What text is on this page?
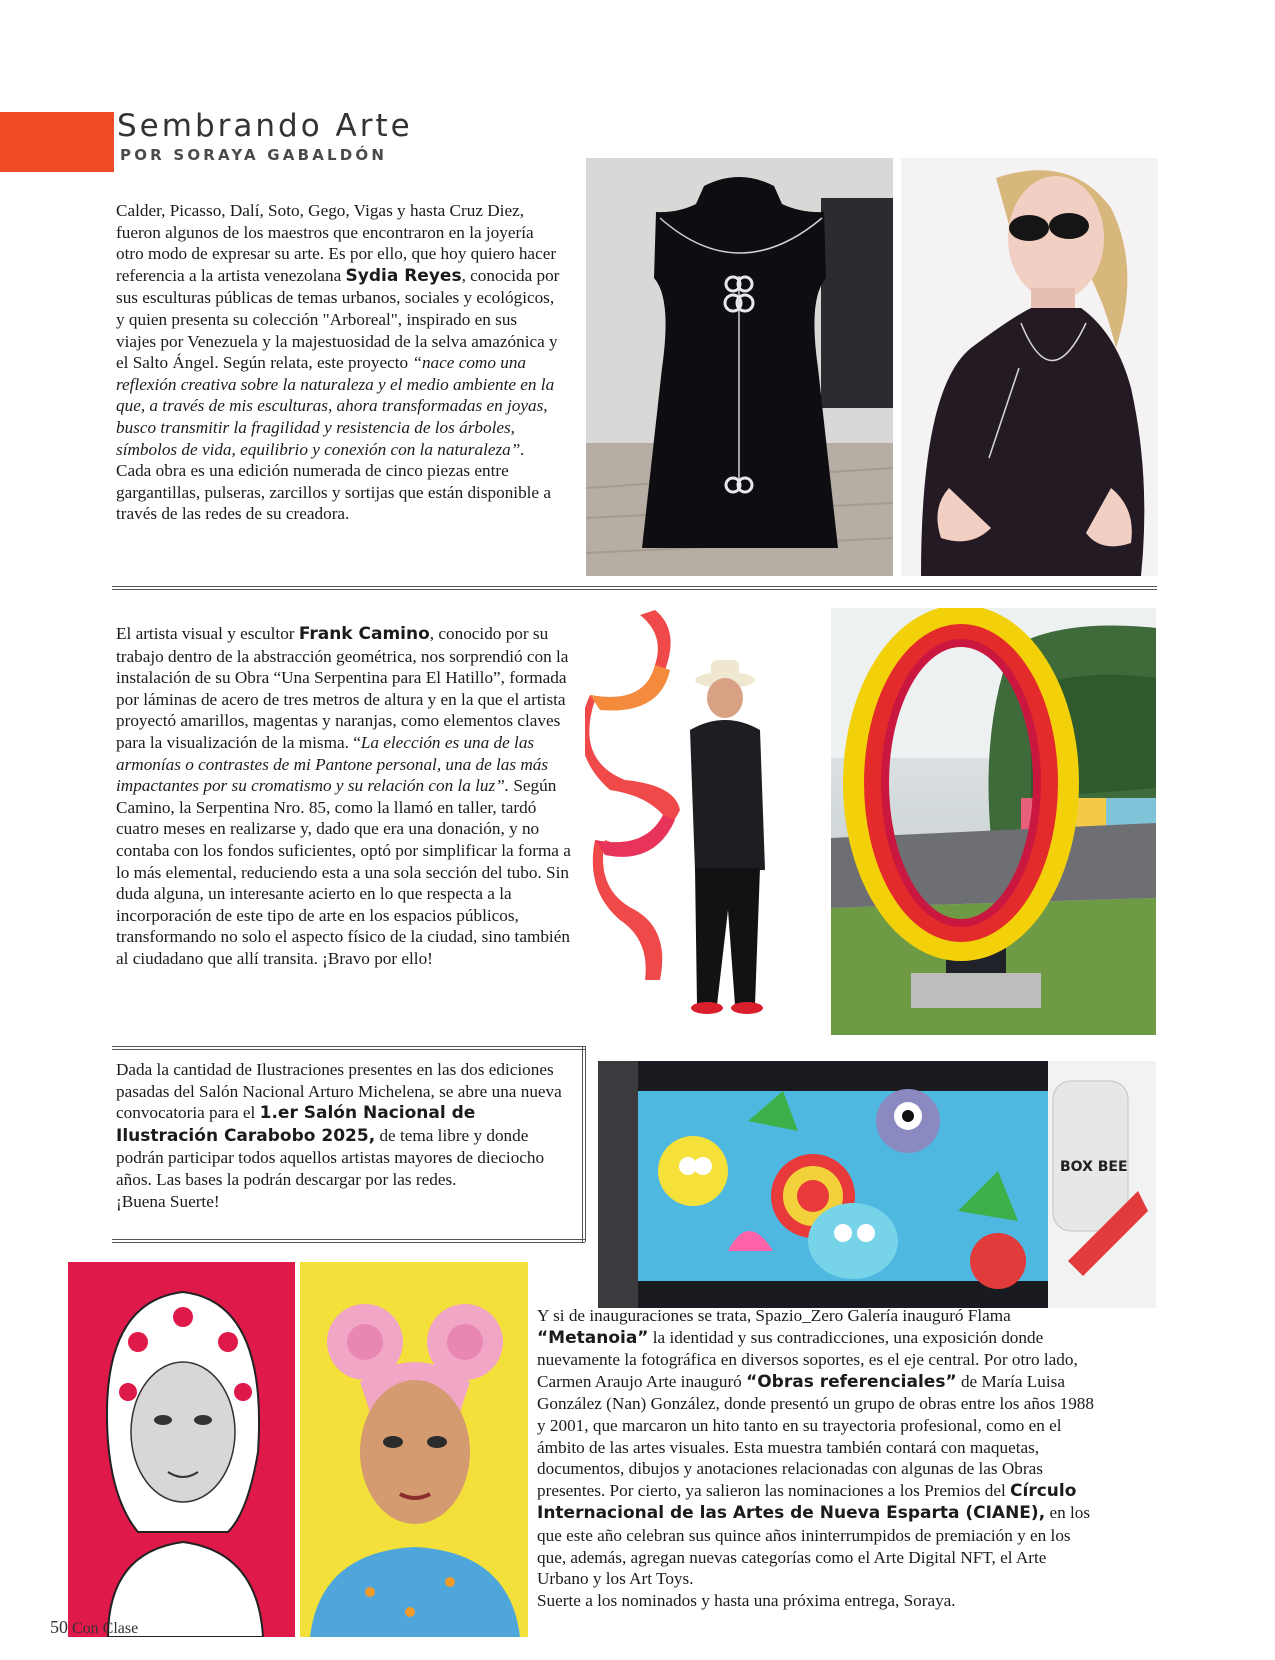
Sembrando Arte
POR SORAYA GABALDÓN
Calder, Picasso, Dalí, Soto, Gego, Vigas y hasta Cruz Diez, fueron algunos de los maestros que encontraron en la joyería otro modo de expresar su arte. Es por ello, que hoy quiero hacer referencia a la artista venezolana Sydia Reyes, conocida por sus esculturas públicas de temas urbanos, sociales y ecológicos, y quien presenta su colección "Arboreal", inspirado en sus viajes por Venezuela y la majestuosidad de la selva amazónica y el Salto Ángel. Según relata, este proyecto “nace como una reflexión creativa sobre la naturaleza y el medio ambiente en la que, a través de mis esculturas, ahora transformadas en joyas, busco transmitir la fragilidad y resistencia de los árboles, símbolos de vida, equilibrio y conexión con la naturaleza”. Cada obra es una edición numerada de cinco piezas entre gargantillas, pulseras, zarcillos y sortijas que están disponible a través de las redes de su creadora.
El artista visual y escultor Frank Camino, conocido por su trabajo dentro de la abstracción geométrica, nos sorprendió con la instalación de su Obra “Una Serpentina para El Hatillo”, formada por láminas de acero de tres metros de altura y en la que el artista proyectó amarillos, magentas y naranjas, como elementos claves para la visualización de la misma. “La elección es una de las armonías o contrastes de mi Pantone personal, una de las más impactantes por su cromatismo y su relación con la luz”. Según Camino, la Serpentina Nro. 85, como la llamó en taller, tardó cuatro meses en realizarse y, dado que era una donación, y no contaba con los fondos suficientes, optó por simplificar la forma a lo más elemental, reduciendo esta a una sola sección del tubo. Sin duda alguna, un interesante acierto en lo que respecta a la incorporación de este tipo de arte en los espacios públicos, transformando no solo el aspecto físico de la ciudad, sino también al ciudadano que allí transita. ¡Bravo por ello!
Dada la cantidad de Ilustraciones presentes en las dos ediciones pasadas del Salón Nacional Arturo Michelena, se abre una nueva convocatoria para el 1.er Salón Nacional de Ilustración Carabobo 2025, de tema libre y donde podrán participar todos aquellos artistas mayores de dieciocho años. Las bases la podrán descargar por las redes.
¡Buena Suerte!
BOX BEE
Y si de inauguraciones se trata, Spazio_Zero Galería inauguró Flama “Metanoia” la identidad y sus contradicciones, una exposición donde nuevamente la fotográfica en diversos soportes, es el eje central. Por otro lado, Carmen Araujo Arte inauguró “Obras referenciales” de María Luisa González (Nan) González, donde presentó un grupo de obras entre los años 1988 y 2001, que marcaron un hito tanto en su trayectoria profesional, como en el ámbito de las artes visuales. Esta muestra también contará con maquetas, documentos, dibujos y anotaciones relacionadas con algunas de las Obras presentes. Por cierto, ya salieron las nominaciones a los Premios del Círculo Internacional de las Artes de Nueva Esparta (CIANE), en los que este año celebran sus quince años ininterrumpidos de premiación y en los que, además, agregan nuevas categorías como el Arte Digital NFT, el Arte Urbano y los Art Toys.
Suerte a los nominados y hasta una próxima entrega, Soraya.
50 Con Clase
